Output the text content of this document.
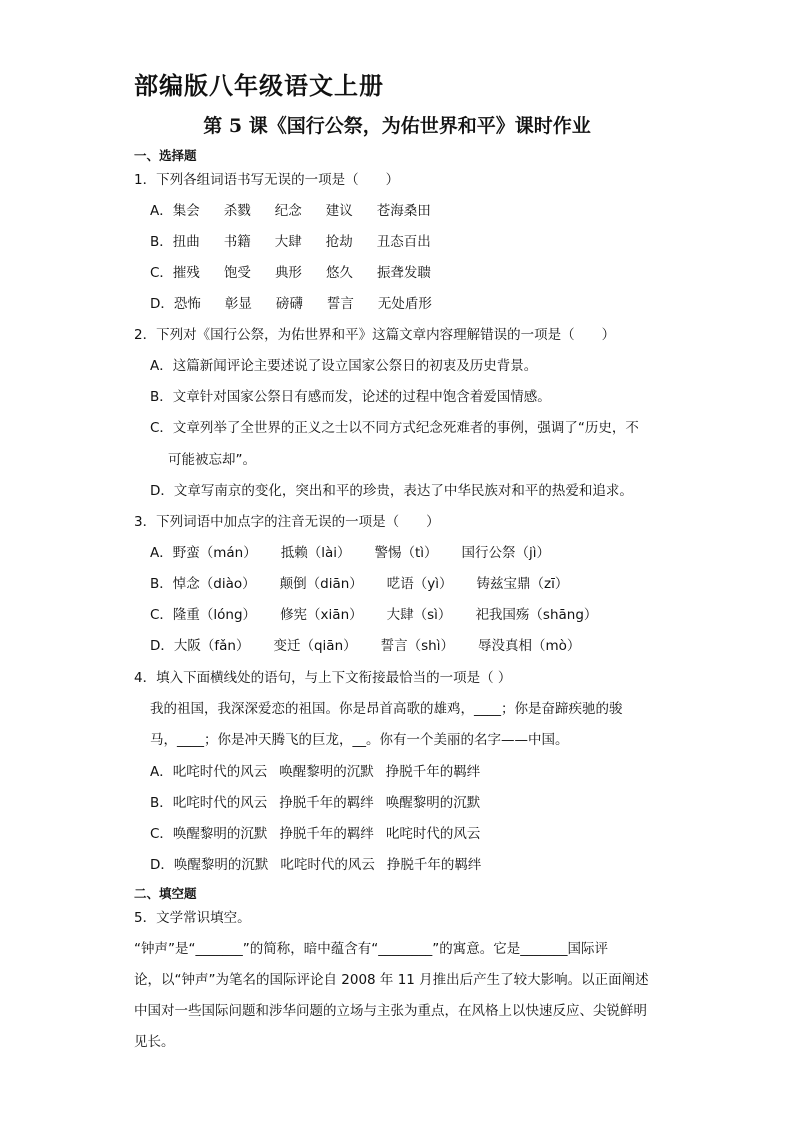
部编版八年级语文上册
第 5 课《国行公祭，为佑世界和平》课时作业
一、选择题
1．下列各组词语书写无误的一项是（　　）
A．集会 杀戮 纪念 建议 苍海桑田
B．扭曲 书籍 大肆 抢劫 丑态百出
C．摧残 饱受 典形 悠久 振聋发聩
D．恐怖 彰显 磅礴 誓言 无处盾形
2．下列对《国行公祭，为佑世界和平》这篇文章内容理解错误的一项是（　　）
A．这篇新闻评论主要述说了设立国家公祭日的初衷及历史背景。
B．文章针对国家公祭日有感而发，论述的过程中饱含着爱国情感。
C．文章列举了全世界的正义之士以不同方式纪念死难者的事例，强调了“历史，不
可能被忘却”。
D．文章写南京的变化，突出和平的珍贵，表达了中华民族对和平的热爱和追求。
3．下列词语中加点字的注音无误的一项是（　　）
A．野蛮（mán） 抵赖（lài） 警惕（tì） 国行公祭（jì）
B．悼念（diào） 颠倒（diān） 呓语（yì） 铸兹宝鼎（zī）
C．隆重（lóng） 修宪（xiān） 大肆（sì） 祀我国殇（shāng）
D．大阪（fǎn） 变迁（qiān） 誓言（shì） 辱没真相（mò）
4．填入下面横线处的语句，与上下文衔接最恰当的一项是（ ）
我的祖国，我深深爱恋的祖国。你是昂首高歌的雄鸡，____；你是奋蹄疾驰的骏
马，____；你是冲天腾飞的巨龙，__。你有一个美丽的名字——中国。
A．叱咤时代的风云 唤醒黎明的沉默 挣脱千年的羁绊
B．叱咤时代的风云 挣脱千年的羁绊 唤醒黎明的沉默
C．唤醒黎明的沉默 挣脱千年的羁绊 叱咤时代的风云
D．唤醒黎明的沉默 叱咤时代的风云 挣脱千年的羁绊
二、填空题
5．文学常识填空。
“钟声”是“_______”的简称，暗中蕴含有“________”的寓意。它是_______国际评
论，以“钟声”为笔名的国际评论自 2008 年 11 月推出后产生了较大影响。以正面阐述
中国对一些国际问题和涉华问题的立场与主张为重点，在风格上以快速反应、尖锐鲜明
见长。
